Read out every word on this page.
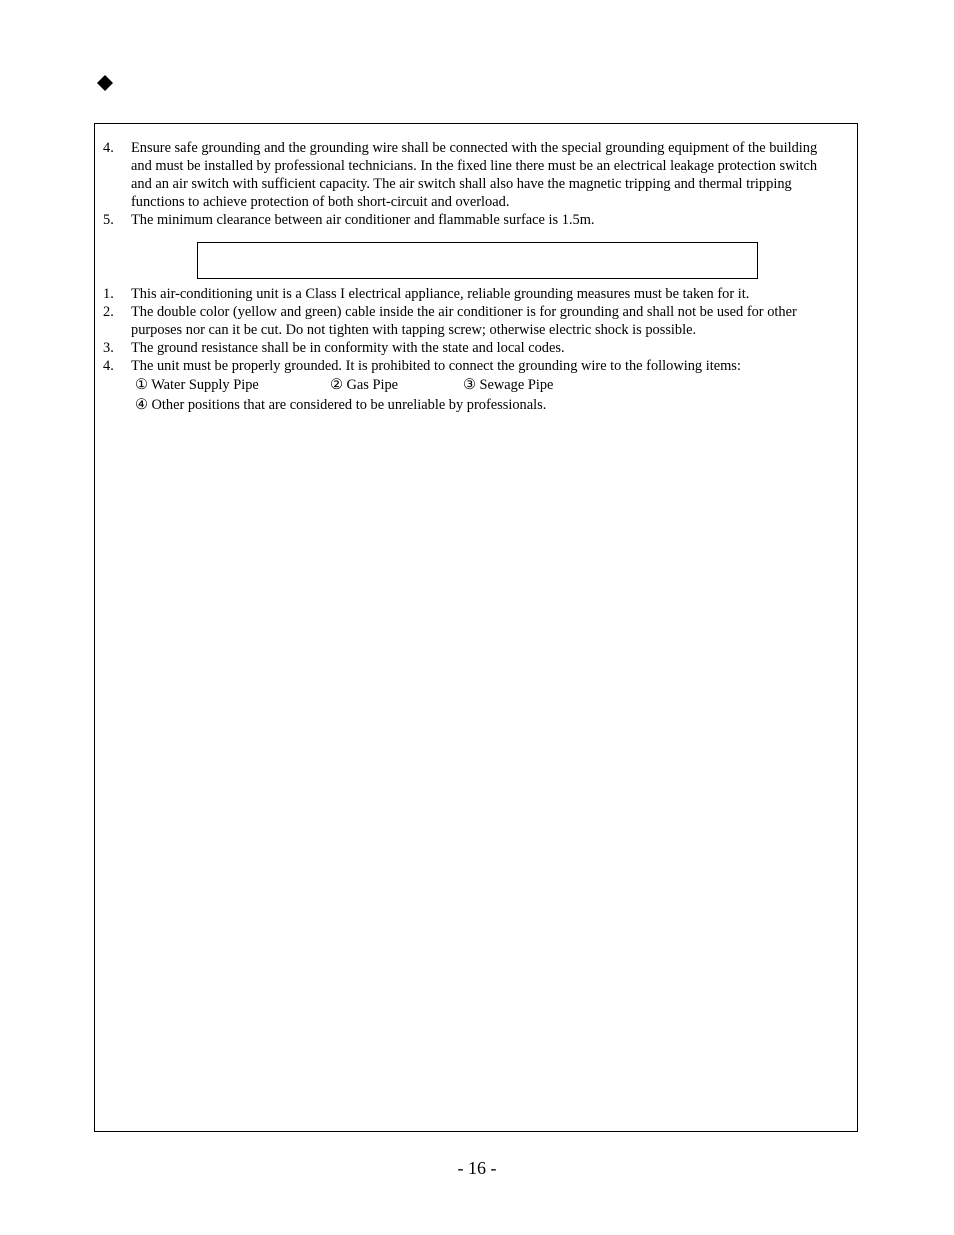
4. Ensure safe grounding and the grounding wire shall be connected with the special grounding equipment of the building and must be installed by professional technicians. In the fixed line there must be an electrical leakage protection switch and an air switch with sufficient capacity. The air switch shall also have the magnetic tripping and thermal tripping functions to achieve protection of both short-circuit and overload.
5. The minimum clearance between air conditioner and flammable surface is 1.5m.
1. This air-conditioning unit is a Class I electrical appliance, reliable grounding measures must be taken for it.
2. The double color (yellow and green) cable inside the air conditioner is for grounding and shall not be used for other purposes nor can it be cut. Do not tighten with tapping screw; otherwise electric shock is possible.
3. The ground resistance shall be in conformity with the state and local codes.
4. The unit must be properly grounded. It is prohibited to connect the grounding wire to the following items:
① Water Supply Pipe	② Gas Pipe	③ Sewage Pipe
④ Other positions that are considered to be unreliable by professionals.
- 16 -
